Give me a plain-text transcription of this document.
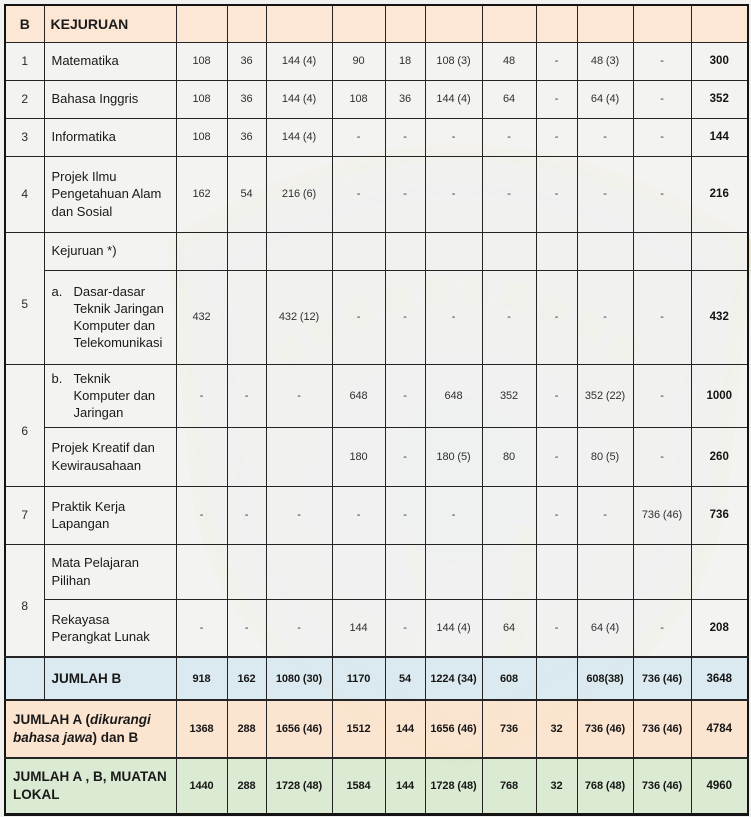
B	KEJURUAN											
1	Matematika	108	36	144 (4)	90	18	108 (3)	48	-	48 (3)	-	300
2	Bahasa Inggris	108	36	144 (4)	108	36	144 (4)	64	-	64 (4)	-	352
3	Informatika	108	36	144 (4)	-	-	-	-	-	-	-	144
4	Projek Ilmu Pengetahuan Alam dan Sosial	162	54	216 (6)	-	-	-	-	-	-	-	216
5	Kejuruan *)											

	a. Dasar-dasar Teknik Jaringan Komputer dan Telekomunikasi	432		432 (12)	-	-	-	-	-	-	-	432
6	b. Teknik Komputer dan Jaringan	-	-	-	648	-	648	352	-	352 (22)	-	1000
	Projek Kreatif dan Kewirausahaan				180	-	180 (5)	80	-	80 (5)	-	260
7	Praktik Kerja Lapangan	-	-	-	-	-	-		-	-	736 (46)	736
8	Mata Pelajaran Pilihan											
	Rekayasa Perangkat Lunak	-	-	-	144	-	144 (4)	64	-	64 (4)	-	208
	JUMLAH B	918	162	1080 (30)	1170	54	1224 (34)	608		608(38)	736 (46)	3648
JUMLAH A (dikurangi bahasa jawa) dan B		1368	288	1656 (46)	1512	144	1656 (46)	736	32	736 (46)	736 (46)	4784
JUMLAH A , B, MUATAN LOKAL		1440	288	1728 (48)	1584	144	1728 (48)	768	32	768 (48)	736 (46)	4960
